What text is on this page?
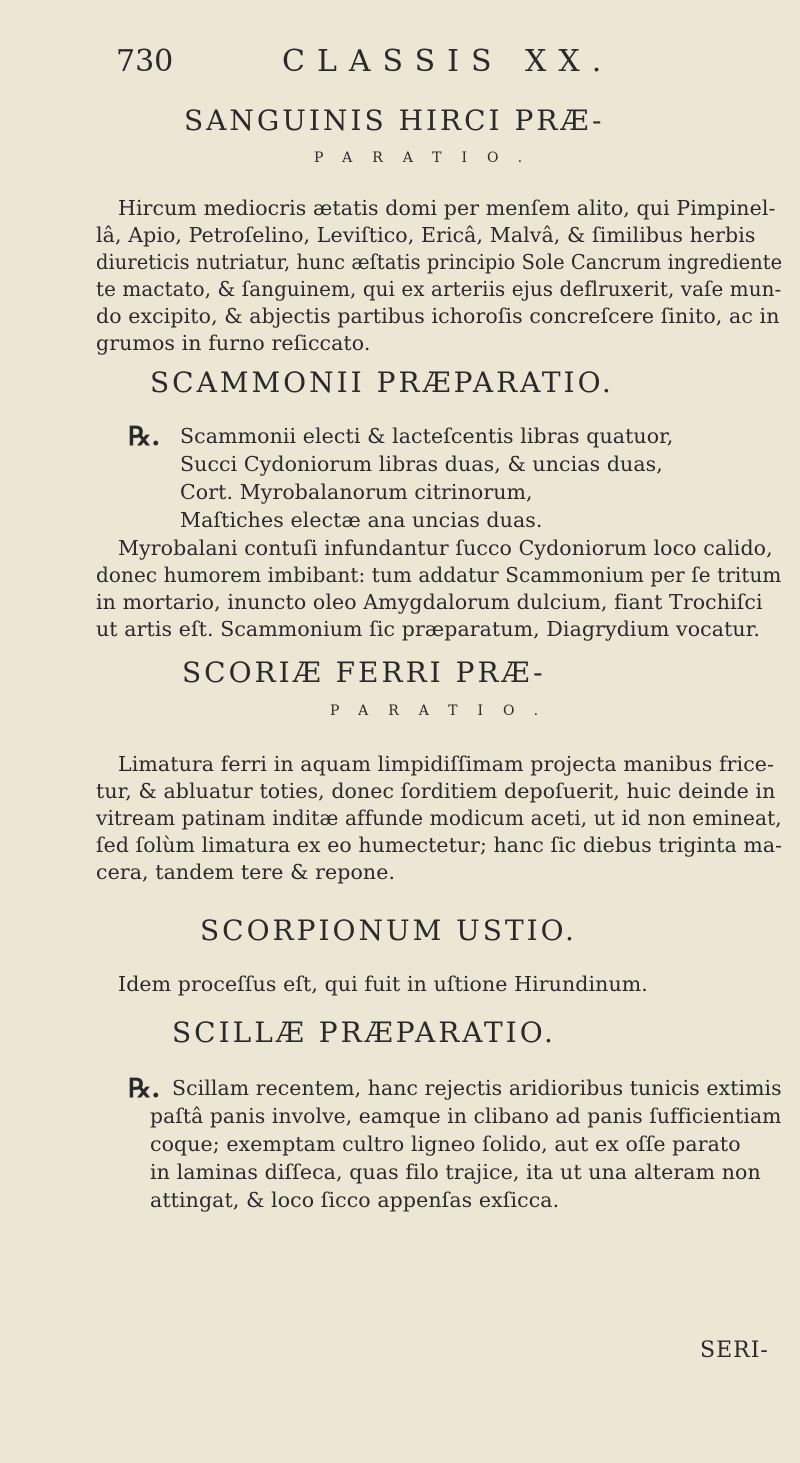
730	CLASSIS XX.
SANGUINIS HIRCI PRÆ-
PARATIO.
Hircum mediocris ætatis domi per menſem alito, qui Pimpinel-
lâ, Apio, Petroſelino, Leviſtico, Ericâ, Malvâ, & ſimilibus herbis
diureticis nutriatur, hunc æſtatis principio Sole Cancrum ingrediente
te mactato, & ſanguinem, qui ex arteriis ejus deflruxerit, vaſe mun-
do excipito, & abjectis partibus ichoroſis concreſcere ſinito, ac in
grumos in furno reſiccato.
SCAMMONII PRÆPARATIO.
℞. Scammonii electi & lacteſcentis libras quatuor,
Succi Cydoniorum libras duas, & uncias duas,
Cort. Myrobalanorum citrinorum,
Maſtiches electæ ana uncias duas.
Myrobalani contuſi infundantur ſucco Cydoniorum loco calido,
donec humorem imbibant: tum addatur Scammonium per ſe tritum
in mortario, inuncto oleo Amygdalorum dulcium, fiant Trochiſci
ut artis eſt. Scammonium ſic præparatum, Diagrydium vocatur.
SCORIÆ FERRI PRÆ-
PARATIO.
Limatura ferri in aquam limpidiſſimam projecta manibus frice-
tur, & abluatur toties, donec ſorditiem depoſuerit, huic deinde in
vitream patinam inditæ affunde modicum aceti, ut id non emineat,
ſed ſolùm limatura ex eo humectetur; hanc ſic diebus triginta ma-
cera, tandem tere & repone.
SCORPIONUM USTIO.
Idem proceſſus eſt, qui fuit in uſtione Hirundinum.
SCILLÆ PRÆPARATIO.
℞. Scillam recentem, hanc rejectis aridioribus tunicis extimis
paſtâ panis involve, eamque in clibano ad panis ſufficientiam
coque; exemptam cultro ligneo ſolido, aut ex oſſe parato
in laminas diſſeca, quas filo trajice, ita ut una alteram non
attingat, & loco ſicco appenſas exſicca.
SERI-
